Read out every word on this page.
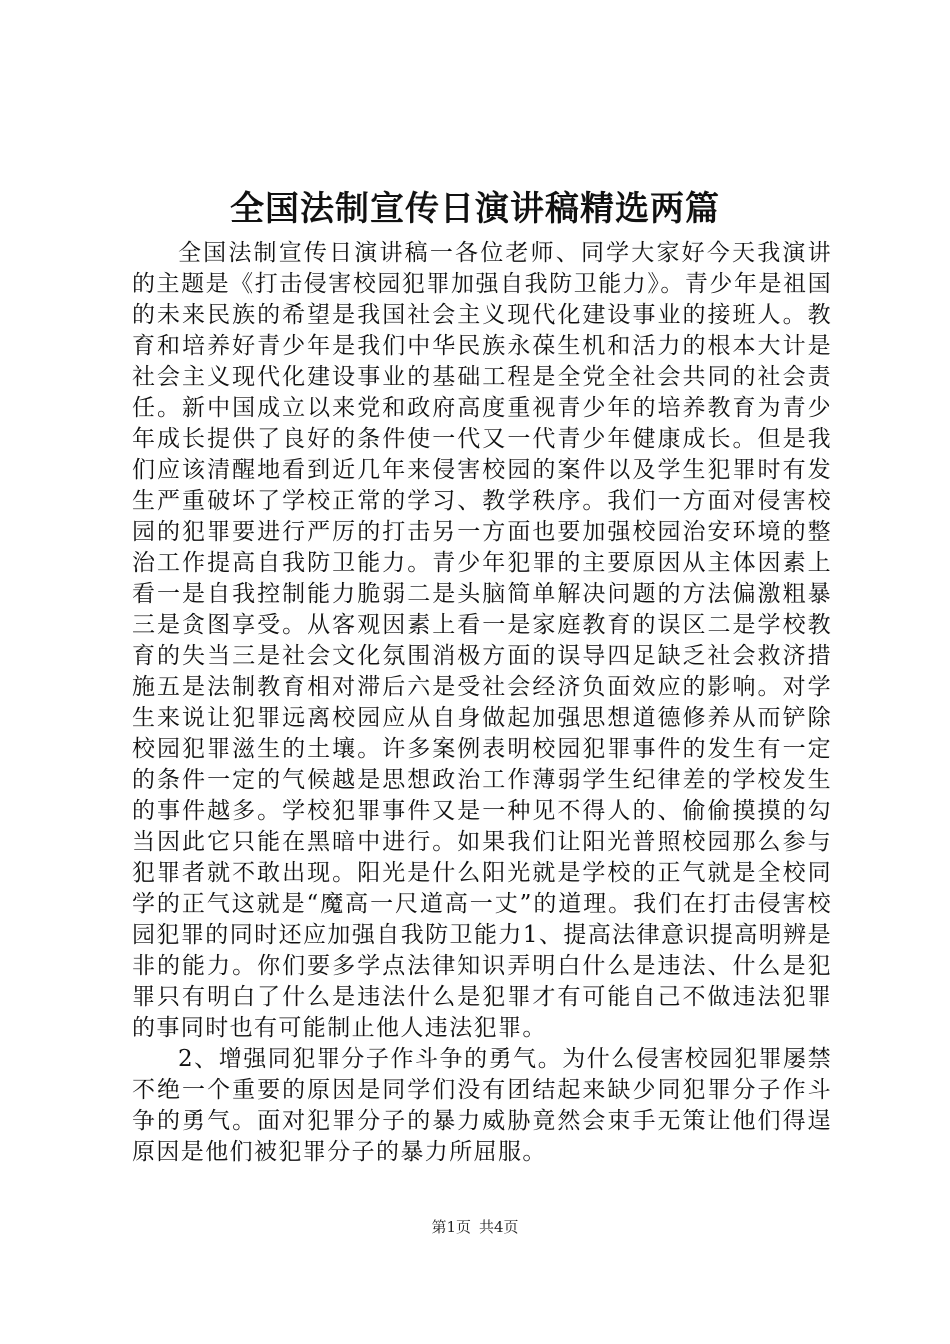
全国法制宣传日演讲稿精选两篇

全国法制宣传日演讲稿一各位老师、同学大家好今天我演讲的主题是《打击侵害校园犯罪加强自我防卫能力》。青少年是祖国的未来民族的希望是我国社会主义现代化建设事业的接班人。教育和培养好青少年是我们中华民族永葆生机和活力的根本大计是社会主义现代化建设事业的基础工程是全党全社会共同的社会责任。新中国成立以来党和政府高度重视青少年的培养教育为青少年成长提供了良好的条件使一代又一代青少年健康成长。但是我们应该清醒地看到近几年来侵害校园的案件以及学生犯罪时有发生严重破坏了学校正常的学习、教学秩序。我们一方面对侵害校园的犯罪要进行严厉的打击另一方面也要加强校园治安环境的整治工作提高自我防卫能力。青少年犯罪的主要原因从主体因素上看一是自我控制能力脆弱二是头脑简单解决问题的方法偏激粗暴三是贪图享受。从客观因素上看一是家庭教育的误区二是学校教育的失当三是社会文化氛围消极方面的误导四足缺乏社会救济措施五是法制教育相对滞后六是受社会经济负面效应的影响。对学生来说让犯罪远离校园应从自身做起加强思想道德修养从而铲除校园犯罪滋生的土壤。许多案例表明校园犯罪事件的发生有一定的条件一定的气候越是思想政治工作薄弱学生纪律差的学校发生的事件越多。学校犯罪事件又是一种见不得人的、偷偷摸摸的勾当因此它只能在黑暗中进行。如果我们让阳光普照校园那么参与犯罪者就不敢出现。阳光是什么阳光就是学校的正气就是全校同学的正气这就是“魔高一尺道高一丈”的道理。我们在打击侵害校园犯罪的同时还应加强自我防卫能力1、提高法律意识提高明辨是非的能力。你们要多学点法律知识弄明白什么是违法、什么是犯罪只有明白了什么是违法什么是犯罪才有可能自己不做违法犯罪的事同时也有可能制止他人违法犯罪。

2、增强同犯罪分子作斗争的勇气。为什么侵害校园犯罪屡禁不绝一个重要的原因是同学们没有团结起来缺少同犯罪分子作斗争的勇气。面对犯罪分子的暴力威胁竟然会束手无策让他们得逞原因是他们被犯罪分子的暴力所屈服。

第1页 共4页
